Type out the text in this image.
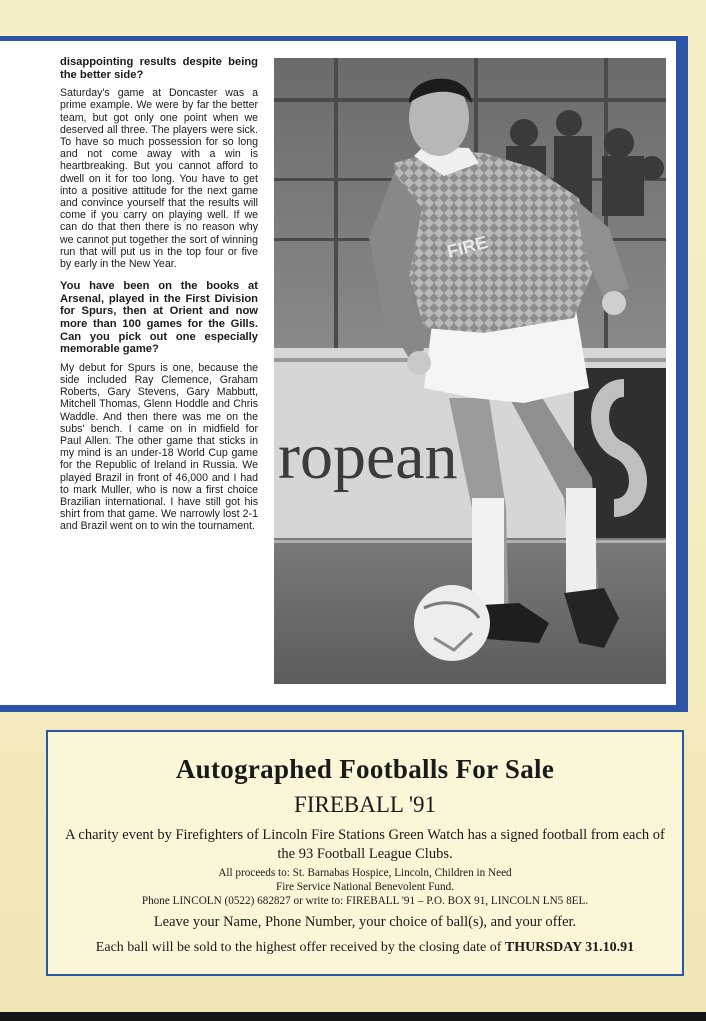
disappointing results despite being the better side?

Saturday's game at Doncaster was a prime example. We were by far the better team, but got only one point when we deserved all three. The players were sick. To have so much possession for so long and not come away with a win is heartbreaking. But you cannot afford to dwell on it for too long. You have to get into a positive attitude for the next game and convince yourself that the results will come if you carry on playing well. If we can do that then there is no reason why we cannot put together the sort of winning run that will put us in the top four or five by early in the New Year.

You have been on the books at Arsenal, played in the First Division for Spurs, then at Orient and now more than 100 games for the Gills. Can you pick out one especially memorable game?

My debut for Spurs is one, because the side included Ray Clemence, Graham Roberts, Gary Stevens, Gary Mabbutt, Mitchell Thomas, Glenn Hoddle and Chris Waddle. And then there was me on the subs' bench. I came on in midfield for Paul Allen. The other game that sticks in my mind is an under-18 World Cup game for the Republic of Ireland in Russia. We played Brazil in front of 46,000 and I had to mark Muller, who is now a first choice Brazilian international. I have still got his shirt from that game. We narrowly lost 2-1 and Brazil went on to win the tournament.

ropean
FIRE
Autographed Footballs For Sale
FIREBALL '91
A charity event by Firefighters of Lincoln Fire Stations Green Watch has a signed football from each of the 93 Football League Clubs.
All proceeds to: St. Barnabas Hospice, Lincoln, Children in Need
Fire Service National Benevolent Fund.
Phone LINCOLN (0522) 682827 or write to: FIREBALL '91 – P.O. BOX 91, LINCOLN LN5 8EL.
Leave your Name, Phone Number, your choice of ball(s), and your offer.
Each ball will be sold to the highest offer received by the closing date of THURSDAY 31.10.91
